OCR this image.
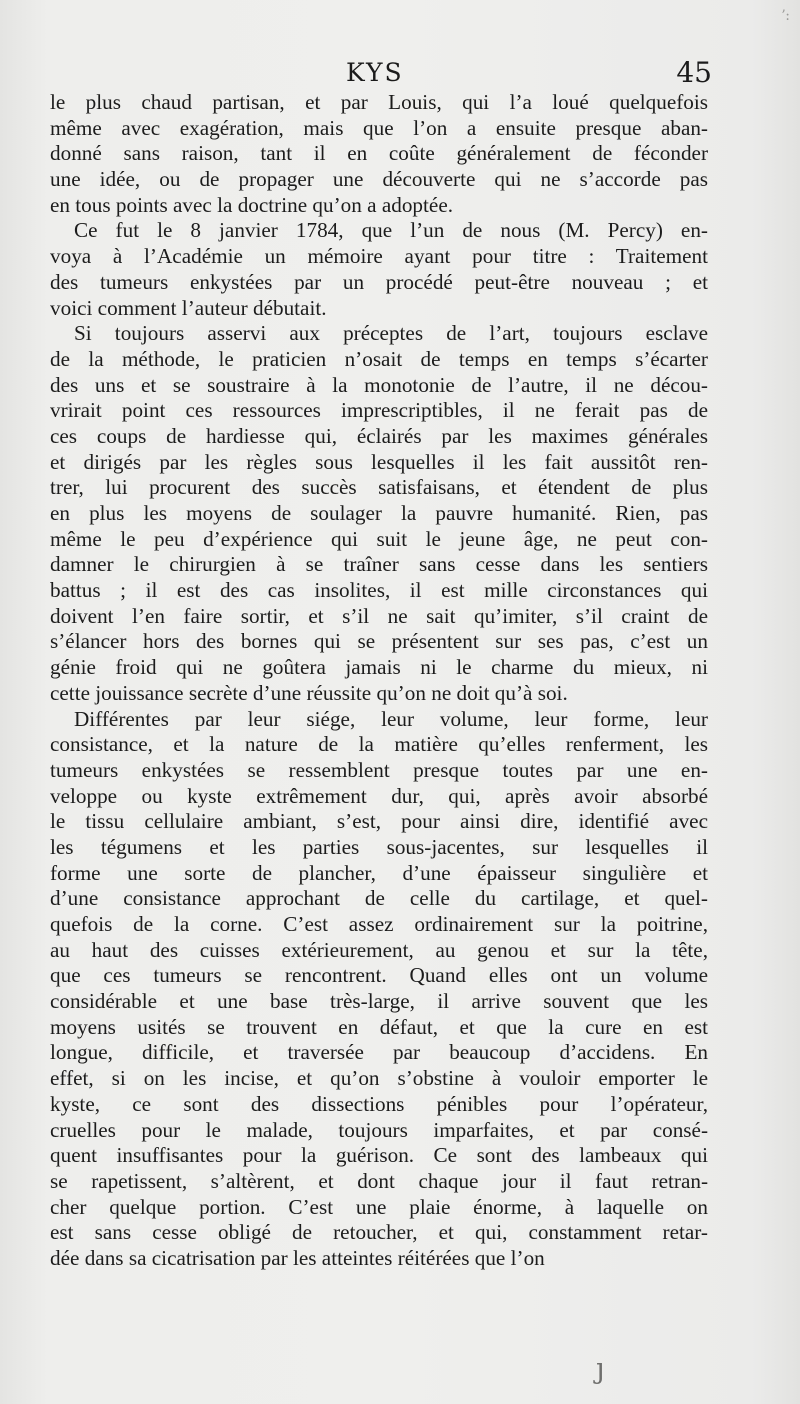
ʼ:
KYS	45
le plus chaud partisan, et par Louis, qui l’a loué quelquefois
même avec exagération, mais que l’on a ensuite presque aban-
donné sans raison, tant il en coûte généralement de féconder
une idée, ou de propager une découverte qui ne s’accorde pas
en tous points avec la doctrine qu’on a adoptée.
Ce fut le 8 janvier 1784, que l’un de nous (M. Percy) en-
voya à l’Académie un mémoire ayant pour titre : Traitement
des tumeurs enkystées par un procédé peut-être nouveau ; et
voici comment l’auteur débutait.
Si toujours asservi aux préceptes de l’art, toujours esclave
de la méthode, le praticien n’osait de temps en temps s’écarter
des uns et se soustraire à la monotonie de l’autre, il ne décou-
vrirait point ces ressources imprescriptibles, il ne ferait pas de
ces coups de hardiesse qui, éclairés par les maximes générales
et dirigés par les règles sous lesquelles il les fait aussitôt ren-
trer, lui procurent des succès satisfaisans, et étendent de plus
en plus les moyens de soulager la pauvre humanité. Rien, pas
même le peu d’expérience qui suit le jeune âge, ne peut con-
damner le chirurgien à se traîner sans cesse dans les sentiers
battus ; il est des cas insolites, il est mille circonstances qui
doivent l’en faire sortir, et s’il ne sait qu’imiter, s’il craint de
s’élancer hors des bornes qui se présentent sur ses pas, c’est un
génie froid qui ne goûtera jamais ni le charme du mieux, ni
cette jouissance secrète d’une réussite qu’on ne doit qu’à soi.
Différentes par leur siége, leur volume, leur forme, leur
consistance, et la nature de la matière qu’elles renferment, les
tumeurs enkystées se ressemblent presque toutes par une en-
veloppe ou kyste extrêmement dur, qui, après avoir absorbé
le tissu cellulaire ambiant, s’est, pour ainsi dire, identifié avec
les tégumens et les parties sous-jacentes, sur lesquelles il
forme une sorte de plancher, d’une épaisseur singulière et
d’une consistance approchant de celle du cartilage, et quel-
quefois de la corne. C’est assez ordinairement sur la poitrine,
au haut des cuisses extérieurement, au genou et sur la tête,
que ces tumeurs se rencontrent. Quand elles ont un volume
considérable et une base très-large, il arrive souvent que les
moyens usités se trouvent en défaut, et que la cure en est
longue, difficile, et traversée par beaucoup d’accidens. En
effet, si on les incise, et qu’on s’obstine à vouloir emporter le
kyste, ce sont des dissections pénibles pour l’opérateur,
cruelles pour le malade, toujours imparfaites, et par consé-
quent insuffisantes pour la guérison. Ce sont des lambeaux qui
se rapetissent, s’altèrent, et dont chaque jour il faut retran-
cher quelque portion. C’est une plaie énorme, à laquelle on
est sans cesse obligé de retoucher, et qui, constamment retar-
dée dans sa cicatrisation par les atteintes réitérées que l’on
ȷ
